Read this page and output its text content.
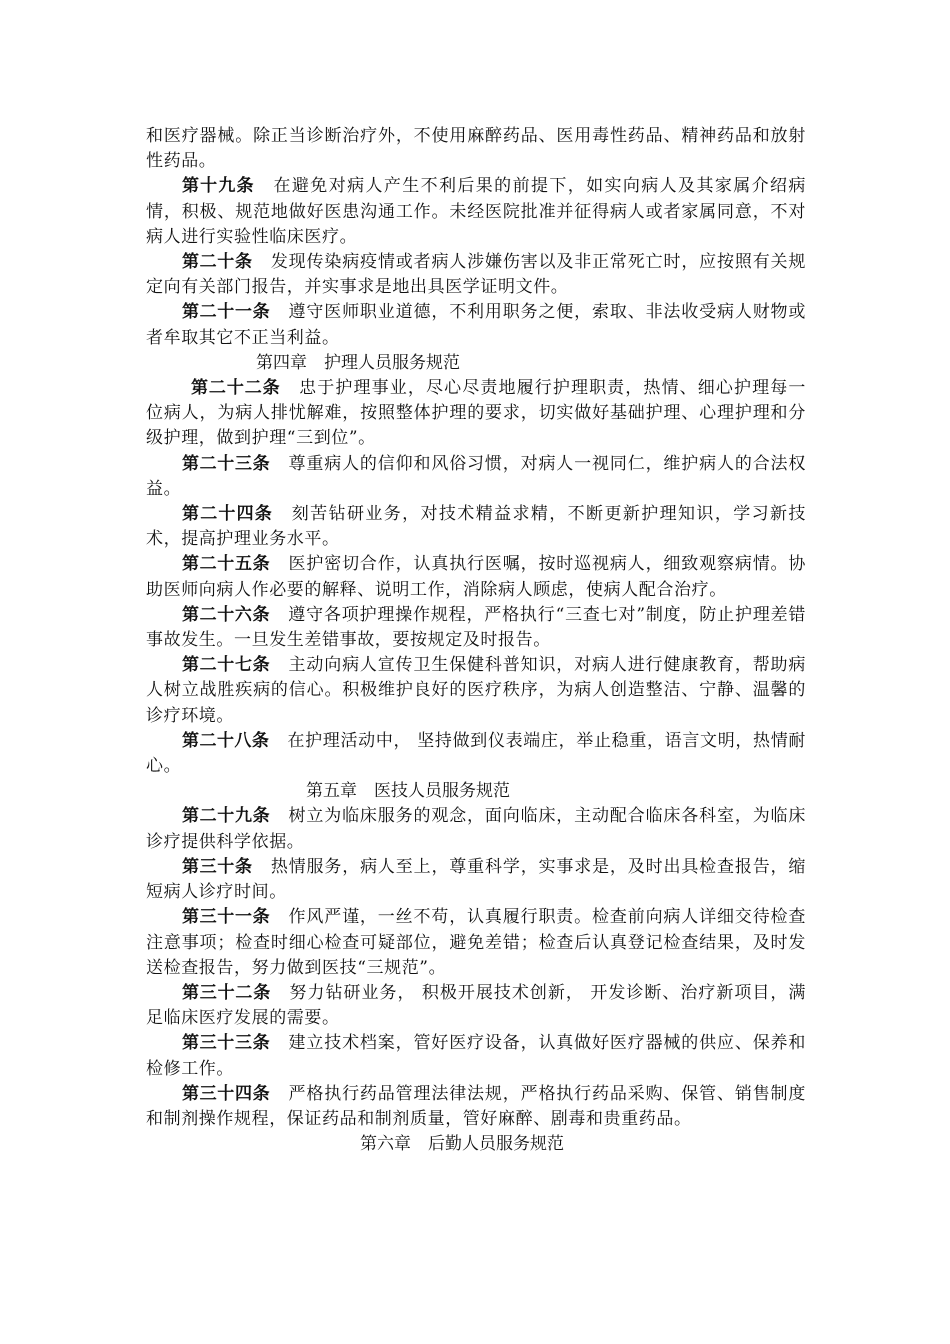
和医疗器械。除正当诊断治疗外，不使用麻醉药品、医用毒性药品、精神药品和放射性药品。

第十九条 在避免对病人产生不利后果的前提下，如实向病人及其家属介绍病情，积极、规范地做好医患沟通工作。未经医院批准并征得病人或者家属同意，不对病人进行实验性临床医疗。

第二十条 发现传染病疫情或者病人涉嫌伤害以及非正常死亡时，应按照有关规定向有关部门报告，并实事求是地出具医学证明文件。

第二十一条 遵守医师职业道德，不利用职务之便，索取、非法收受病人财物或者牟取其它不正当利益。

第四章　护理人员服务规范

第二十二条 忠于护理事业，尽心尽责地履行护理职责，热情、细心护理每一位病人，为病人排忧解难，按照整体护理的要求，切实做好基础护理、心理护理和分级护理，做到护理“三到位”。

第二十三条 尊重病人的信仰和风俗习惯，对病人一视同仁，维护病人的合法权益。

第二十四条 刻苦钻研业务，对技术精益求精，不断更新护理知识，学习新技术，提高护理业务水平。

第二十五条 医护密切合作，认真执行医嘱，按时巡视病人，细致观察病情。协助医师向病人作必要的解释、说明工作，消除病人顾虑，使病人配合治疗。

第二十六条 遵守各项护理操作规程，严格执行“三查七对”制度，防止护理差错事故发生。一旦发生差错事故，要按规定及时报告。

第二十七条 主动向病人宣传卫生保健科普知识，对病人进行健康教育，帮助病人树立战胜疾病的信心。积极维护良好的医疗秩序，为病人创造整洁、宁静、温馨的诊疗环境。

第二十八条 在护理活动中， 坚持做到仪表端庄，举止稳重，语言文明，热情耐心。

第五章　医技人员服务规范

第二十九条 树立为临床服务的观念，面向临床，主动配合临床各科室，为临床诊疗提供科学依据。

第三十条 热情服务，病人至上，尊重科学，实事求是，及时出具检查报告，缩短病人诊疗时间。

第三十一条 作风严谨，一丝不苟，认真履行职责。检查前向病人详细交待检查注意事项；检查时细心检查可疑部位，避免差错；检查后认真登记检查结果，及时发送检查报告，努力做到医技“三规范”。

第三十二条 努力钻研业务， 积极开展技术创新， 开发诊断、治疗新项目，满足临床医疗发展的需要。

第三十三条 建立技术档案，管好医疗设备，认真做好医疗器械的供应、保养和检修工作。

第三十四条 严格执行药品管理法律法规，严格执行药品采购、保管、销售制度和制剂操作规程，保证药品和制剂质量，管好麻醉、剧毒和贵重药品。

第六章　后勤人员服务规范
